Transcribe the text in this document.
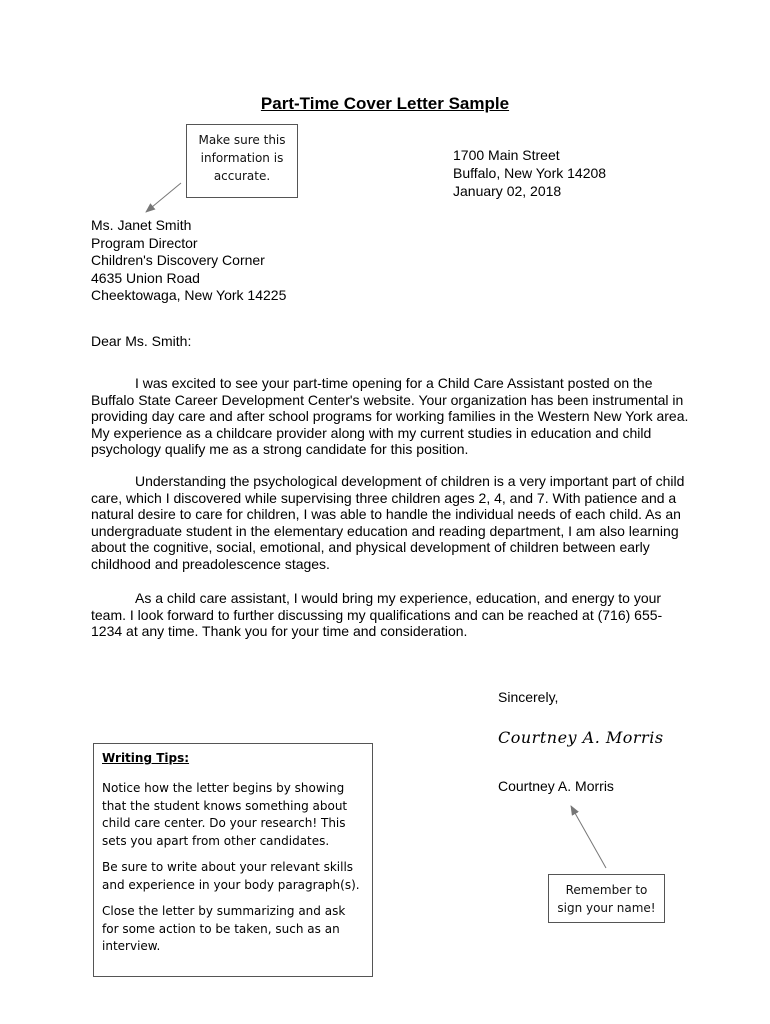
Part-Time Cover Letter Sample
Make sure this
information is
accurate.
1700 Main Street
Buffalo, New York 14208
January 02, 2018
Ms. Janet Smith
Program Director
Children's Discovery Corner
4635 Union Road
Cheektowaga, New York 14225
Dear Ms. Smith:
I was excited to see your part-time opening for a Child Care Assistant posted on the Buffalo State Career Development Center's website. Your organization has been instrumental in providing day care and after school programs for working families in the Western New York area. My experience as a childcare provider along with my current studies in education and child psychology qualify me as a strong candidate for this position.
Understanding the psychological development of children is a very important part of child care, which I discovered while supervising three children ages 2, 4, and 7. With patience and a natural desire to care for children, I was able to handle the individual needs of each child. As an undergraduate student in the elementary education and reading department, I am also learning about the cognitive, social, emotional, and physical development of children between early childhood and preadolescence stages.
As a child care assistant, I would bring my experience, education, and energy to your team. I look forward to further discussing my qualifications and can be reached at (716) 655-1234 at any time. Thank you for your time and consideration.
Sincerely,
Courtney A. Morris
Courtney A. Morris
Writing Tips:

Notice how the letter begins by showing that the student knows something about child care center. Do your research! This sets you apart from other candidates.

Be sure to write about your relevant skills and experience in your body paragraph(s).

Close the letter by summarizing and ask for some action to be taken, such as an interview.

Remember to
sign your name!
